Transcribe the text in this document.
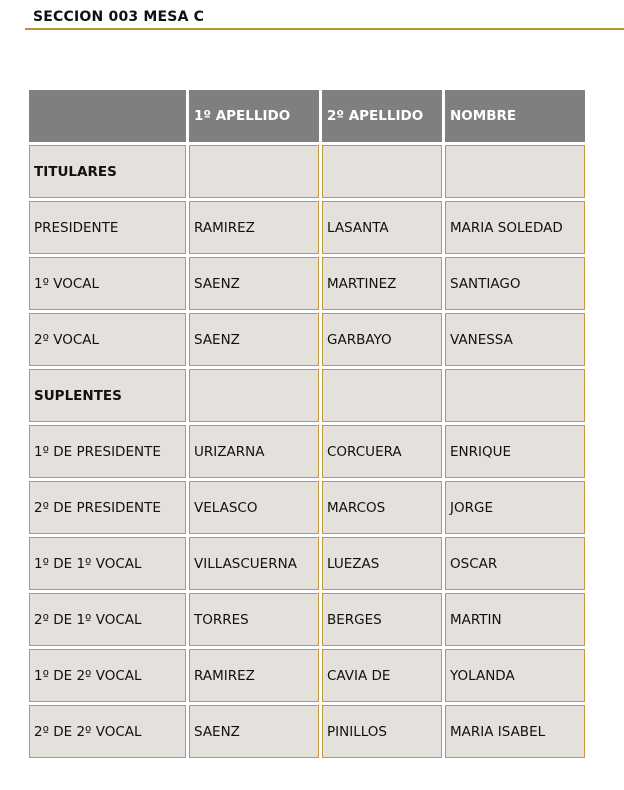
SECCION 003 MESA C
	1º APELLIDO	2º APELLIDO	NOMBRE
TITULARES			
PRESIDENTE	RAMIREZ	LASANTA	MARIA SOLEDAD
1º VOCAL	SAENZ	MARTINEZ	SANTIAGO
2º VOCAL	SAENZ	GARBAYO	VANESSA
SUPLENTES			
1º DE PRESIDENTE	URIZARNA	CORCUERA	ENRIQUE
2º DE PRESIDENTE	VELASCO	MARCOS	JORGE
1º DE 1º VOCAL	VILLASCUERNA	LUEZAS	OSCAR
2º DE 1º VOCAL	TORRES	BERGES	MARTIN
1º DE 2º VOCAL	RAMIREZ	CAVIA DE	YOLANDA
2º DE 2º VOCAL	SAENZ	PINILLOS	MARIA ISABEL
